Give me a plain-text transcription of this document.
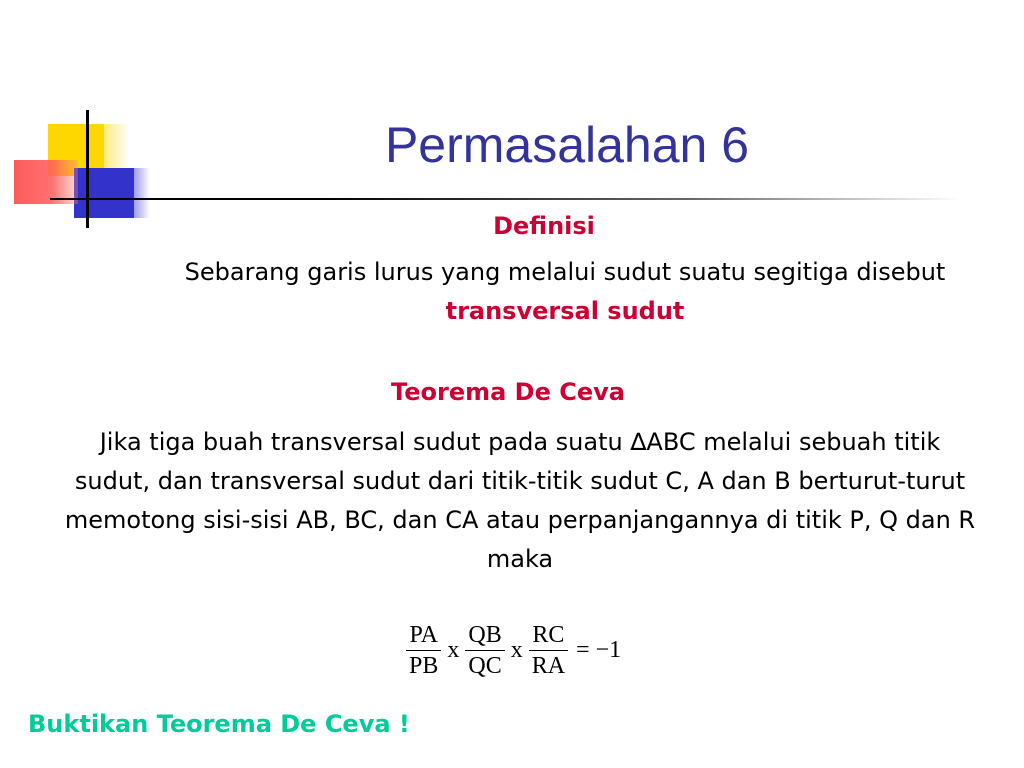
Permasalahan 6

Definisi

Sebarang garis lurus yang melalui sudut suatu segitiga disebut transversal sudut

Teorema De Ceva

Jika tiga buah transversal sudut pada suatu ∆ABC melalui sebuah titik sudut, dan transversal sudut dari titik-titik sudut C, A dan B berturut-turut memotong sisi-sisi AB, BC, dan CA atau perpanjangannya di titik P, Q dan R maka

$\frac{PA}{PB}$ x $\frac{QB}{QC}$ x $\frac{RC}{RA} = -1$

Buktikan Teorema De Ceva !
